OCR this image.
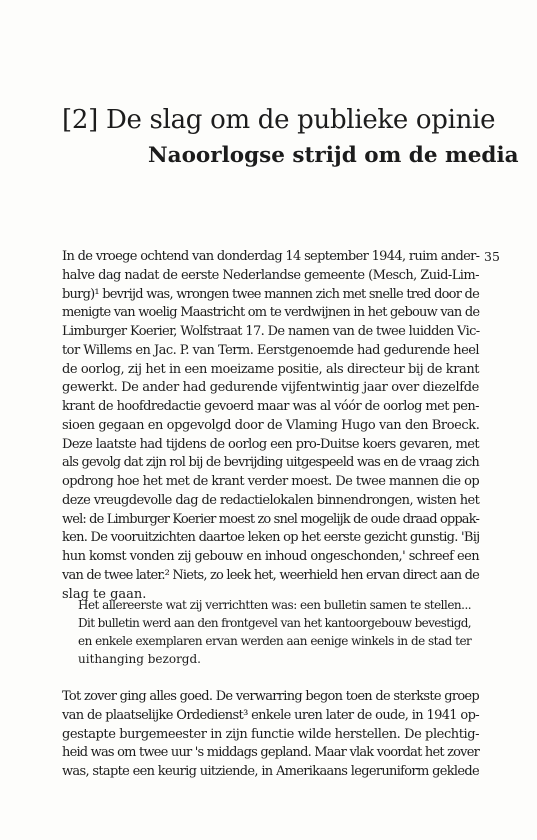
[2] De slag om de publieke opinie
Naoorlogse strijd om de media
35

In de vroege ochtend van donderdag 14 september 1944, ruim ander-
halve dag nadat de eerste Nederlandse gemeente (Mesch, Zuid-Lim-
burg)¹ bevrijd was, wrongen twee mannen zich met snelle tred door de
menigte van woelig Maastricht om te verdwijnen in het gebouw van de
Limburger Koerier, Wolfstraat 17. De namen van de twee luidden Vic-
tor Willems en Jac. P. van Term. Eerstgenoemde had gedurende heel
de oorlog, zij het in een moeizame positie, als directeur bij de krant
gewerkt. De ander had gedurende vijfentwintig jaar over diezelfde
krant de hoofdredactie gevoerd maar was al vóór de oorlog met pen-
sioen gegaan en opgevolgd door de Vlaming Hugo van den Broeck.
Deze laatste had tijdens de oorlog een pro-Duitse koers gevaren, met
als gevolg dat zijn rol bij de bevrijding uitgespeeld was en de vraag zich
opdrong hoe het met de krant verder moest. De twee mannen die op
deze vreugdevolle dag de redactielokalen binnendrongen, wisten het
wel: de Limburger Koerier moest zo snel mogelijk de oude draad oppak-
ken. De vooruitzichten daartoe leken op het eerste gezicht gunstig. 'Bij
hun komst vonden zij gebouw en inhoud ongeschonden,' schreef een
van de twee later.² Niets, zo leek het, weerhield hen ervan direct aan de
slag te gaan.

Het allereerste wat zij verrichtten was: een bulletin samen te stellen...
Dit bulletin werd aan den frontgevel van het kantoorgebouw bevestigd,
en enkele exemplaren ervan werden aan eenige winkels in de stad ter
uithanging bezorgd.

Tot zover ging alles goed. De verwarring begon toen de sterkste groep
van de plaatselijke Ordedienst³ enkele uren later de oude, in 1941 op-
gestapte burgemeester in zijn functie wilde herstellen. De plechtig-
heid was om twee uur 's middags gepland. Maar vlak voordat het zover
was, stapte een keurig uitziende, in Amerikaans legeruniform geklede
